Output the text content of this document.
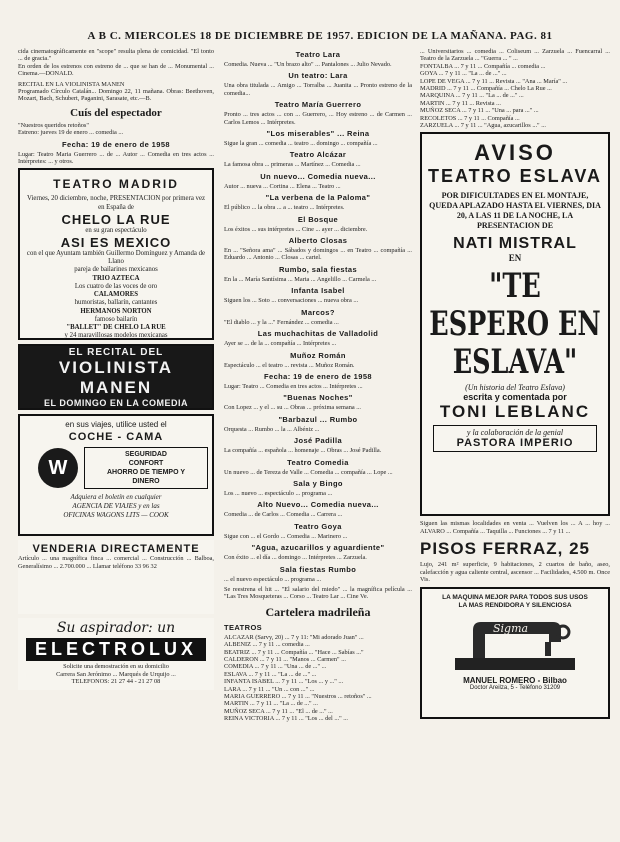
A B C. MIERCOLES 18 DE DICIEMBRE DE 1957. EDICION DE LA MAÑANA. PAG. 81

cida cinematográficamente en "scope" resulta plena de comicidad. "El tonto ... de gracia."
En orden de los estrenos con estreno de ... que se han de ... Monumental ... Cinema.—DONALD.

RECITAL EN LA VIOLINISTA MANEN
Programado Círculo Catalán... Domingo 22, 11 mañana. Obras: Beethoven, Mozart, Bach, Schubert, Paganini, Sarasate, etc.—B.

Cuís del espectador

"Nuestros queridos retoños"
Estreno: jueves 19 de enero ... comedia ...

Fecha: 19 de enero de 1958

Lugar: Teatro Maria Guerrero ... de ... Autor ... Comedia en tres actos ... Intérpretes: ... y otros.

TEATRO MADRID
Viernes, 20 diciembre, noche, PRESENTACION por primera vez en España de
CHELO LA RUE
en su gran espectáculo
ASI ES MEXICO
con el que Ayuntam también Guillermo Domínguez y Amanda de Llano
pareja de bailarines mexicanos
TRIO AZTECA
Los cuatro de las voces de oro
CALAMORES
humoristas, ballarín, cantantes
HERMANOS NORTON
famoso bailarín
"BALLET" DE CHELO LA RUE
y 24 maravillosas modelos mexicanas
EL RECITAL DEL
VIOLINISTA MANEN
EL DOMINGO EN LA COMEDIA
en sus viajes, utilice usted el
COCHE - CAMA
W
SEGURIDAD
CONFORT
AHORRO DE TIEMPO Y
DINERO
Adquiera el boletín en cualquier
AGENCIA DE VIAJES y en las
OFICINAS WAGONS LITS — COOK
VENDERIA DIRECTAMENTE

Artículo ... una magnífica finca ... comercial ... Construcción ... Balboa, Generalísimo ... 2.700.000 ... Llamar teléfono 33 96 32

Su aspirador: un
ELECTROLUX

Solicite una demostración en su domicilio
Carrera San Jerónimo ... Marqués de Urquijo ...
TELEFONOS: 21 27 44 - 21 27 08

Teatro Lara

Comedia. Nueva ... "Un brazo alto" ... Pantalones ... Julio Nevado.

Un teatro: Lara

Una obra titulada ... Amigo ... Torralba ... Juanita ... Pronto estreno de la comedia...

Teatro María Guerrero

Pronto ... tres actos ... con ... Guerrero, ... Hoy estreno ... de Carmen ... Carlos Lemos ... Intérpretes.

"Los miserables" ... Reina

Sigue la gran ... comedia ... teatro ... domingo ... compañía ...

Teatro Alcázar

La famosa obra ... primeras ... Martínez ... Comedia ...

Un nuevo... Comedia nueva...

Autor ... nueva ... Cortina ... Elena ... Teatro ...

"La verbena de la Paloma"

El público ... la obra ... a ... teatro ... Intérpretes.

El Bosque

Los éxitos ... sus intérpretes ... Cine ... ayer ... diciembre.

Alberto Closas

En ... "Señora ama" ... Sábados y domingos ... en Teatro ... compañía ... Eduardo ... Antonio ... Closas ... cartel.

Rumbo, sala fiestas

En la ... María Santísima ... Marta ... Angelillo ... Carmela ...

Infanta Isabel

Siguen los ... Soto ... conversaciones ... nueva obra ...

Marcos?

"El diablo ... y la ..." Fernández ... comedia ...

Las muchachitas de Valladolid

Ayer se ... de la ... compañía ... Intérpretes ...

Muñoz Román

Espectáculo ... el teatro ... revista ... Muñoz Román.

Fecha: 19 de enero de 1958

Lugar: Teatro ... Comedia en tres actos ... Intérpretes ...

"Buenas Noches"

Con Lopez ... y el ... su ... Obras ... próxima semana ...

"Barbazul ... Rumbo

Orquesta ... Rumbo ... la ... Albéniz ...

José Padilla

La compañía ... española ... homenaje ... Obras ... José Padilla.

Teatro Comedia

Un nuevo ... de Tereza de Valle ... Comedia ... compañía ... Lope ...

Sala y Bingo

Los ... nuevo ... espectáculo ... programa ...

Alto Nuevo... Comedia nueva...

Comedia ... de Carlos ... Comedia ... Carrera ...

Teatro Goya

Sigue con ... el Gordo ... Comedia ... Marinero ...

"Agua, azucarillos y aguardiente"

Con éxito ... el día ... domingo ... Intérpretes ... Zarzuela.

Sala fiestas Rumbo

... el nuevo espectáculo ... programa ...

Se reestrena el hit ... "El salario del miedo" ... la magnífica película ... "Las Tres Mosqueteras ... Corso ... Teatro Lar ... Cine Ve.

Cartelera madrileña
TEATROS

ALCAZAR (Sarvy, 20) ... 7 y 11: "Mi adorado Juan" ...
ALBENIZ ... 7 y 11 ... comedia ...
BEATRIZ ... 7 y 11 ... Compañía ... "Hace ... Sabías ..."
CALDERON ... 7 y 11 ... "Manos ... Carmen" ...
COMEDIA ... 7 y 11 ... "Una ... de ..." ...
ESLAVA ... 7 y 11 ... "La ... de ..." ...
INFANTA ISABEL ... 7 y 11 ... "Los ... y ..." ...
LARA ... 7 y 11 ... "Un ... con ..." ...
MARIA GUERRERO ... 7 y 11 ... "Nuestros ... retoños" ...
MARTIN ... 7 y 11 ... "La ... de ..." ...
MUÑOZ SECA ... 7 y 11 ... "El ... de ..." ...
REINA VICTORIA ... 7 y 11 ... "Los ... del ..." ...

... Universitarios ... comedia ... Coliseum ... Zarzuela ... Fuencarral ... Teatro de la Zarzuela ... "Guerra ... " ...
FONTALBA ... 7 y 11 ... Compañía ... comedia ...
GOYA ... 7 y 11 ... "La ... de ..." ...
LOPE DE VEGA ... 7 y 11 ... Revista ... "Ana ... María" ...
MADRID ... 7 y 11 ... Compañía ... Chelo La Rue ...
MARQUINA ... 7 y 11 ... "La ... de ..." ...
MARTIN ... 7 y 11 ... Revista ...
MUÑOZ SECA ... 7 y 11 ... "Una ... para ..." ...
RECOLETOS ... 7 y 11 ... Compañía ...
ZARZUELA ... 7 y 11 ... "Agua, azucarillos ..." ...

AVISO
TEATRO ESLAVA
POR DIFICULTADES EN EL MONTAJE, QUEDA APLAZADO HASTA EL VIERNES, DIA 20, A LAS 11 DE LA NOCHE, LA PRESENTACION DE
NATI MISTRAL
EN
"TE ESPERO EN ESLAVA"
(Un historia del Teatro Eslava)
escrita y comentada por
TONI LEBLANC
y la colaboración de la genial
PASTORA IMPERIO

Siguen las mismas localidades en venta ... Vuelven los ... A ... hoy ... ALVARO ... Compañía ... Taquilla ... Funciones ... 7 y 11 ...

PISOS FERRAZ, 25

Lujo, 241 m² superficie, 9 habitaciones, 2 cuartos de baño, aseo, calefacción y agua caliente central, ascensor ... Facilidades, 4.500 m. Once Vis.

LA MAQUINA MEJOR PARA TODOS SUS USOS
LA MAS RENDIDORA Y SILENCIOSA
Sigma
MANUEL ROMERO - Bilbao
Doctor Areilza, 5 - Teléfono 31209
